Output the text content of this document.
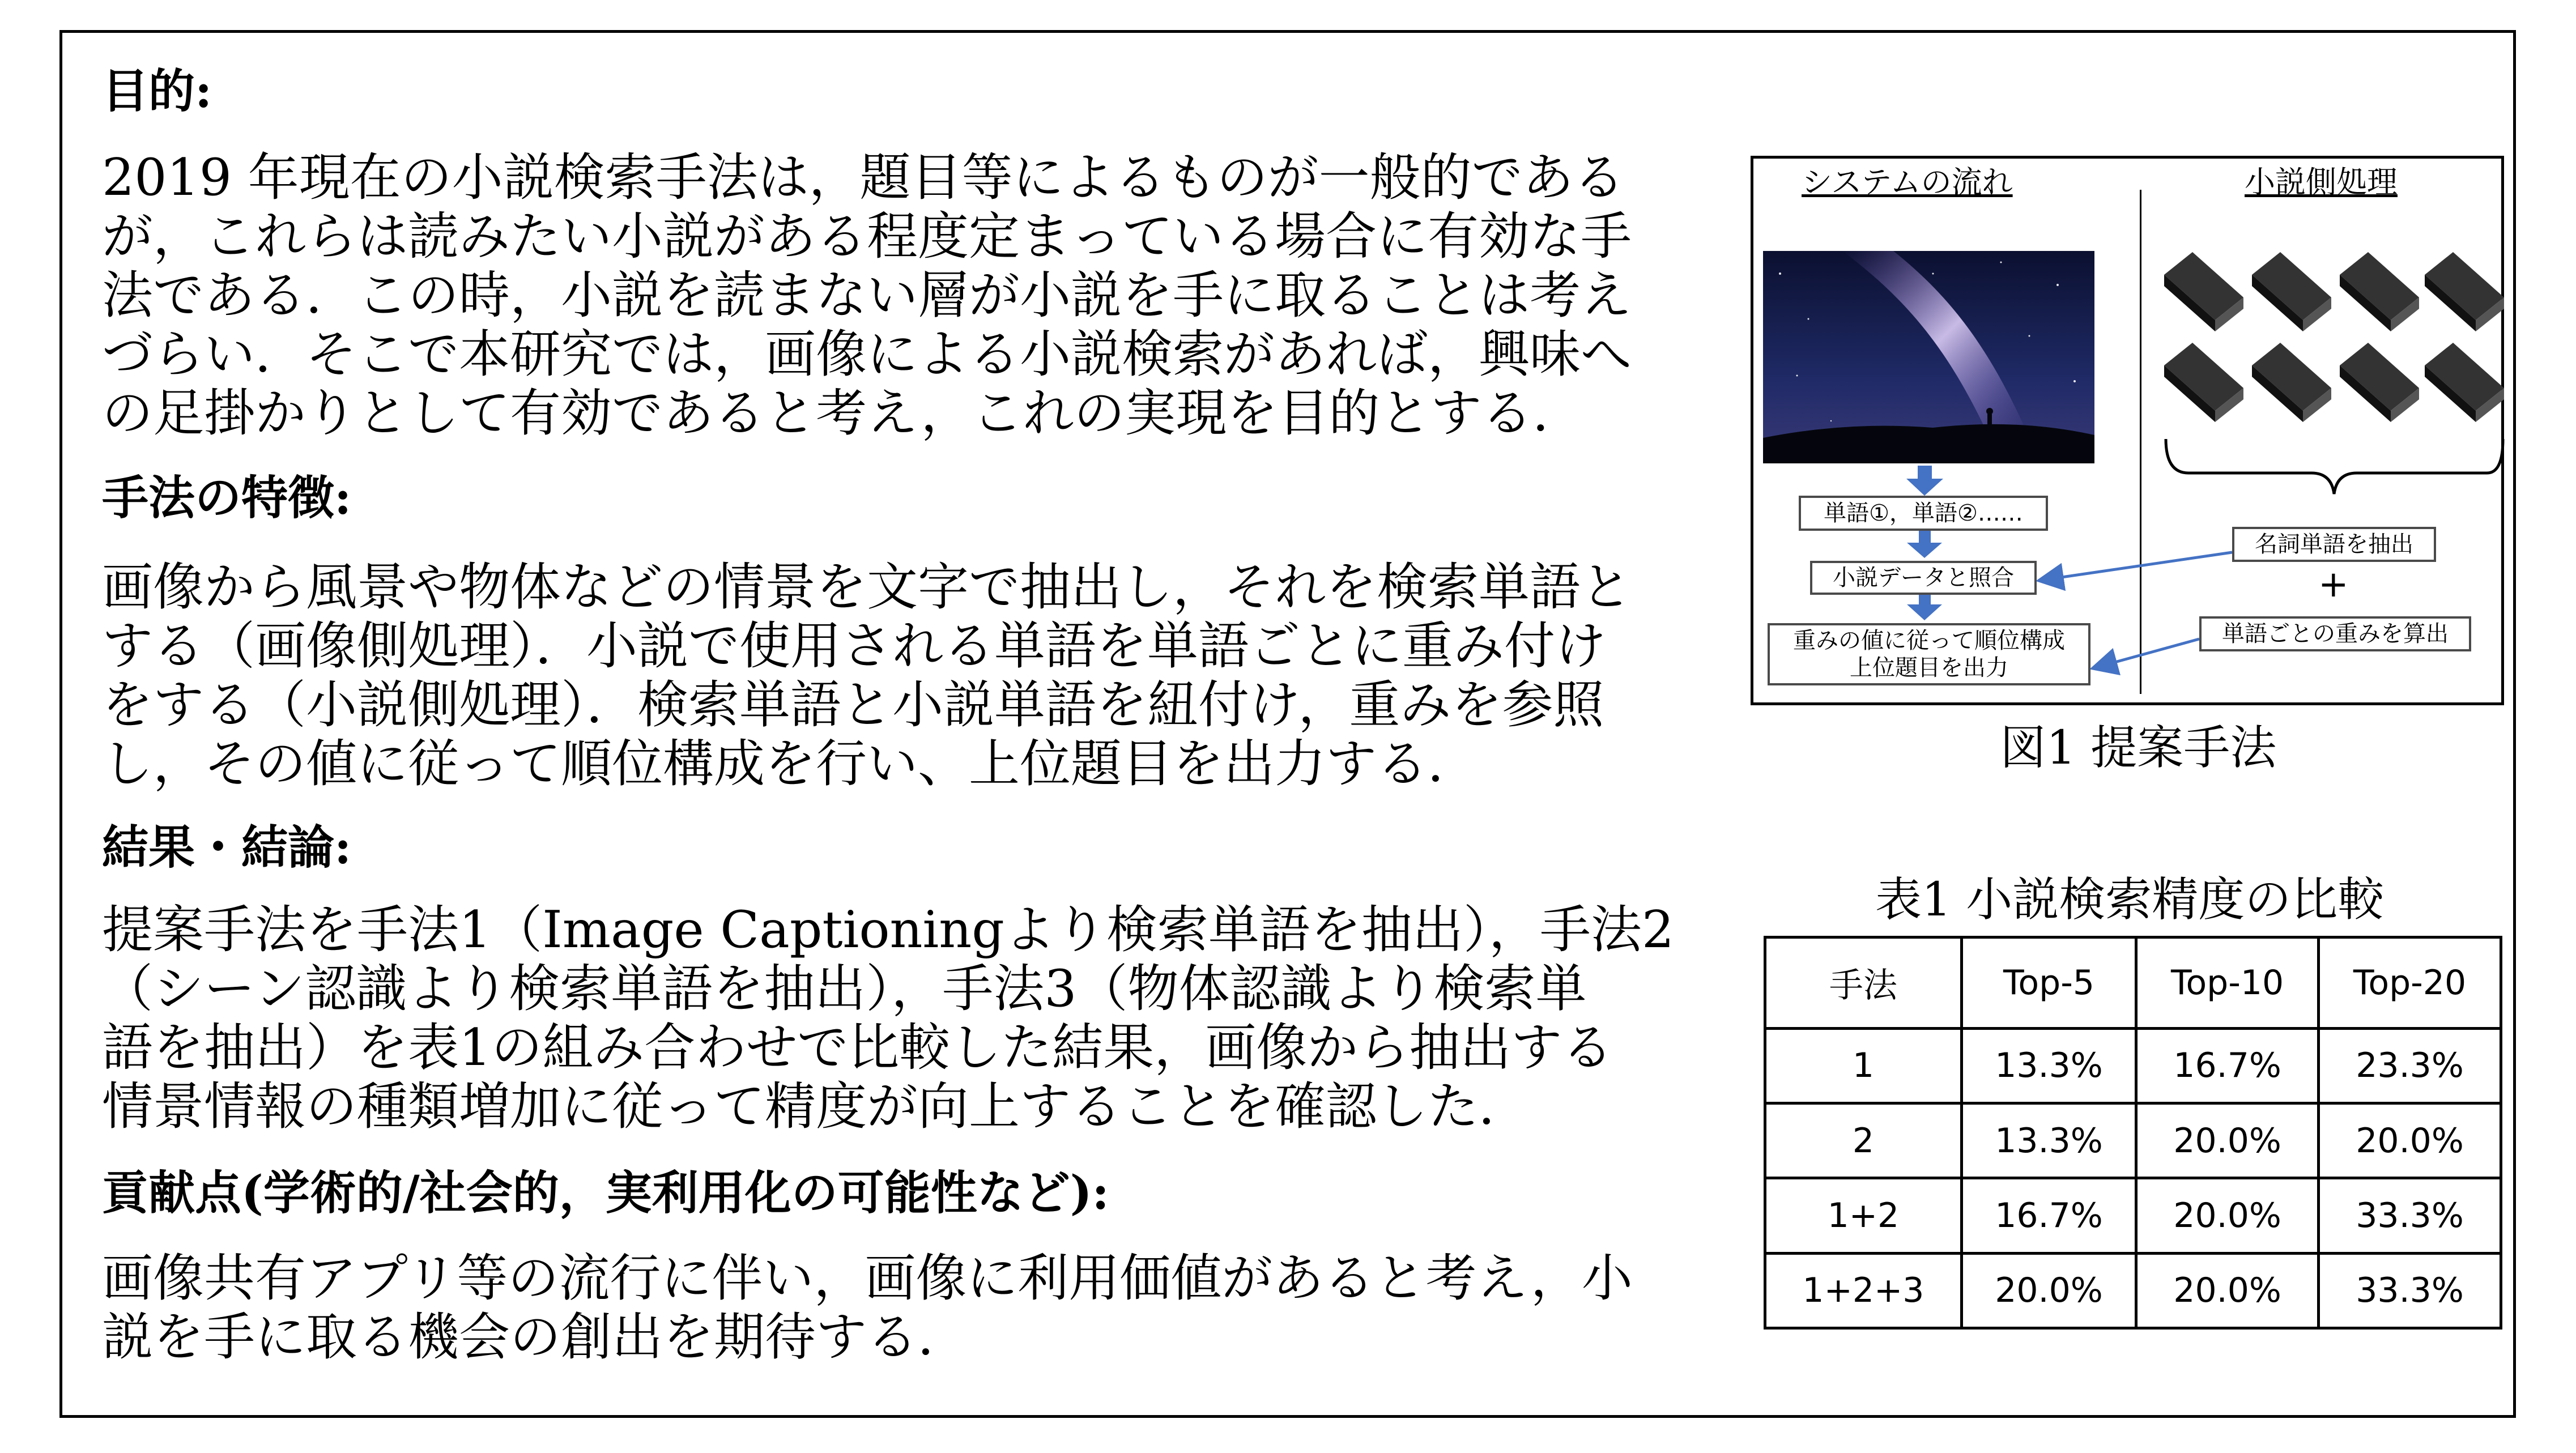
目的:
2019 年現在の小説検索手法は，題目等によるものが一般的である
が，これらは読みたい小説がある程度定まっている場合に有効な手
法である．この時，小説を読まない層が小説を手に取ることは考え
づらい．そこで本研究では，画像による小説検索があれば，興味へ
の足掛かりとして有効であると考え，これの実現を目的とする．
手法の特徴:
画像から風景や物体などの情景を文字で抽出し，それを検索単語と
する（画像側処理）．小説で使用される単語を単語ごとに重み付け
をする（小説側処理）．検索単語と小説単語を紐付け，重みを参照
し，その値に従って順位構成を行い、上位題目を出力する．
結果・結論:
提案手法を手法1（Image Captioningより検索単語を抽出），手法2
（シーン認識より検索単語を抽出），手法3（物体認識より検索単
語を抽出）を表1の組み合わせで比較した結果，画像から抽出する
情景情報の種類増加に従って精度が向上することを確認した．
貢献点(学術的/社会的，実利用化の可能性など):
画像共有アプリ等の流行に伴い，画像に利用価値があると考え，小
説を手に取る機会の創出を期待する．
システムの流れ	小説側処理
単語①，単語②……
小説データと照合
重みの値に従って順位構成
上位題目を出力
名詞単語を抽出
+
単語ごとの重みを算出
図1 提案手法
表1 小説検索精度の比較
手法	Top-5	Top-10	Top-20
1	13.3%	16.7%	23.3%
2	13.3%	20.0%	20.0%
1+2	16.7%	20.0%	33.3%
1+2+3	20.0%	20.0%	33.3%
